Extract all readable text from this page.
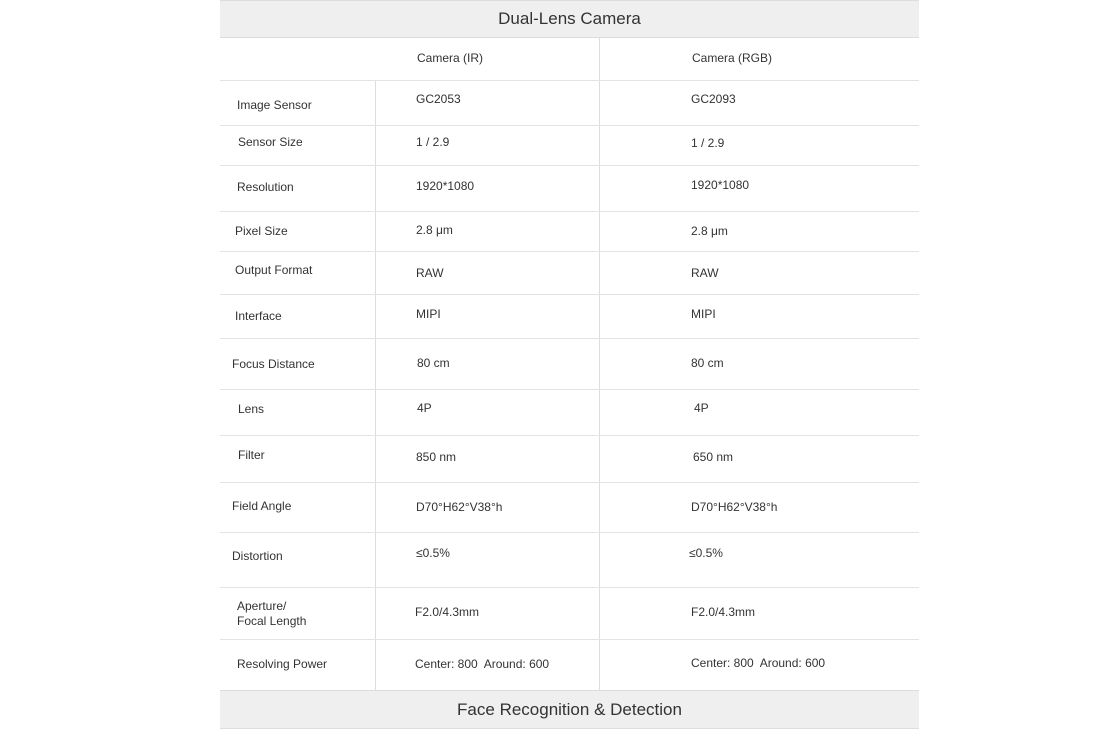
Dual-Lens Camera
Camera (IR)	Camera (RGB)
Image Sensor	GC2053	GC2093
Sensor Size	1 / 2.9	1 / 2.9
Resolution	1920*1080	1920*1080
Pixel Size	2.8 μm	2.8 μm
Output Format	RAW	RAW
Interface	MIPI	MIPI
Focus Distance	80 cm	80 cm
Lens	4P	4P
Filter	850 nm	650 nm
Field Angle	D70°H62°V38°h	D70°H62°V38°h
Distortion	≤0.5%	≤0.5%
Aperture/
Focal Length
F2.0/4.3mm	F2.0/4.3mm
Resolving Power	Center: 800  Around: 600	Center: 800  Around: 600
Face Recognition & Detection
